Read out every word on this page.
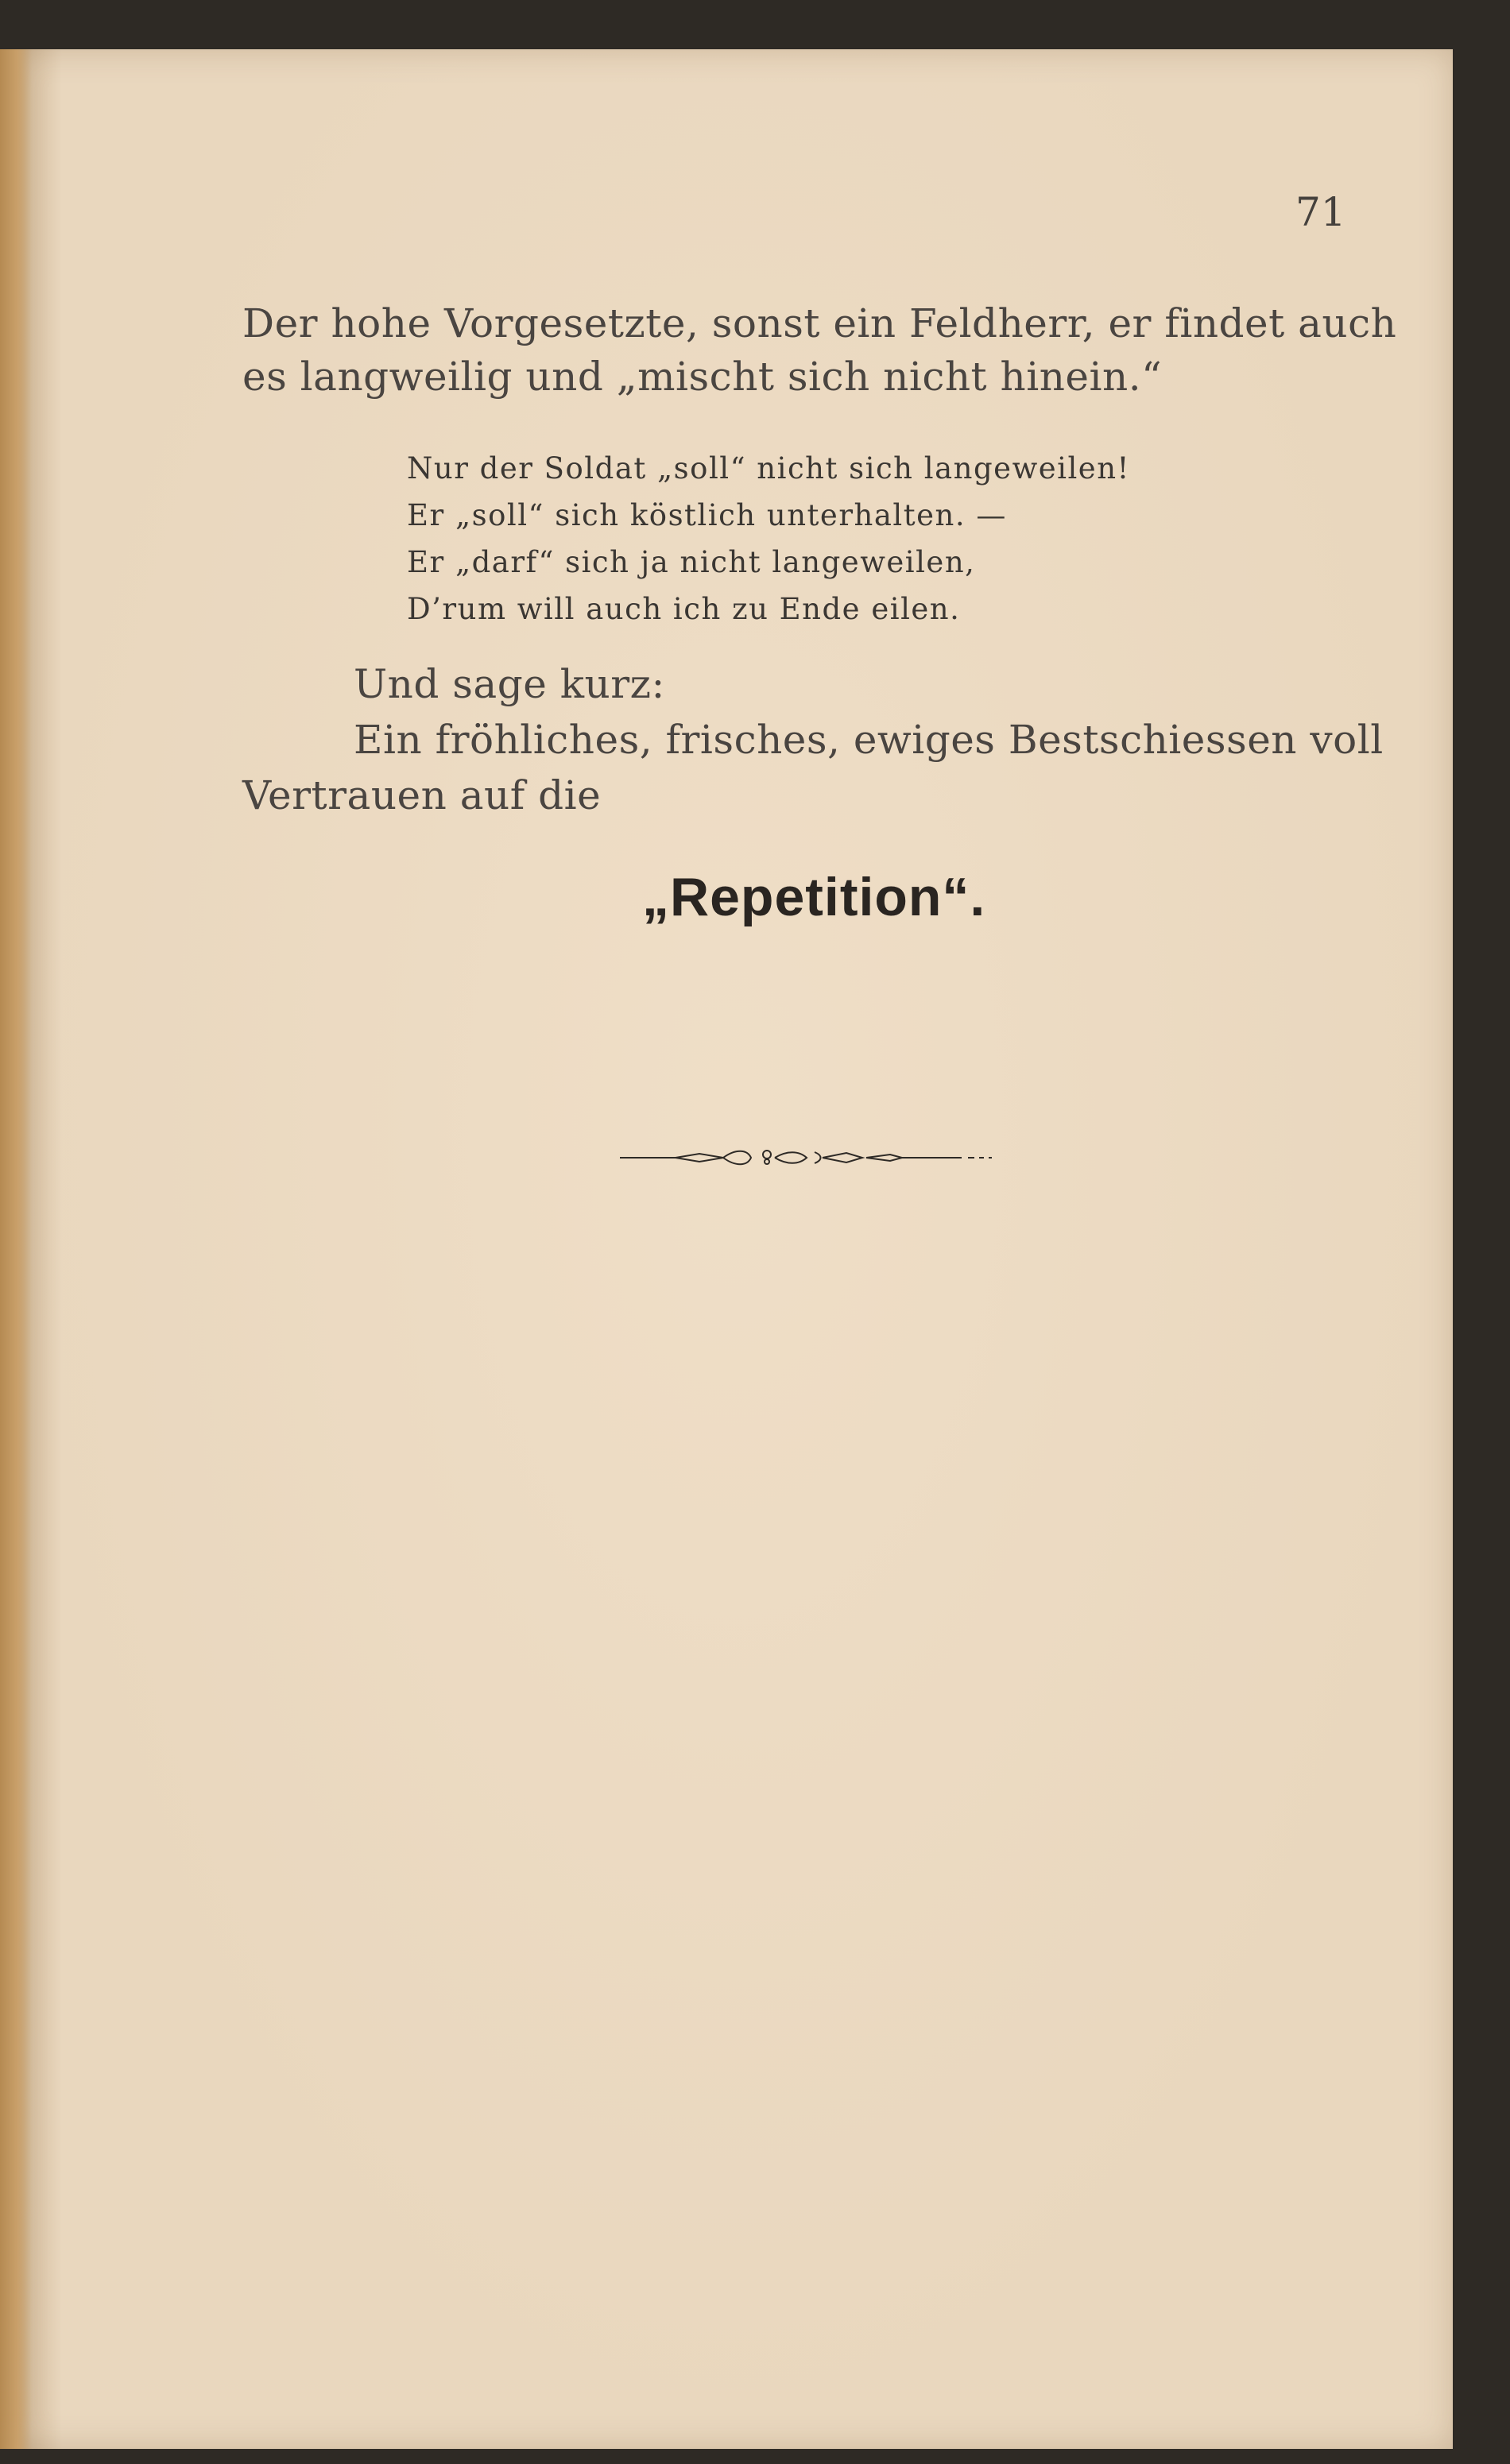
71
Der hohe Vorgesetzte, sonst ein Feldherr, er findet auch
es langweilig und „mischt sich nicht hinein.“
Nur der Soldat „soll“ nicht sich langeweilen!
Er „soll“ sich köstlich unterhalten. —
Er „darf“ sich ja nicht langeweilen,
D’rum will auch ich zu Ende eilen.
Und sage kurz:
Ein fröhliches, frisches, ewiges Bestschiessen voll
Vertrauen auf die
„Repetition“.
